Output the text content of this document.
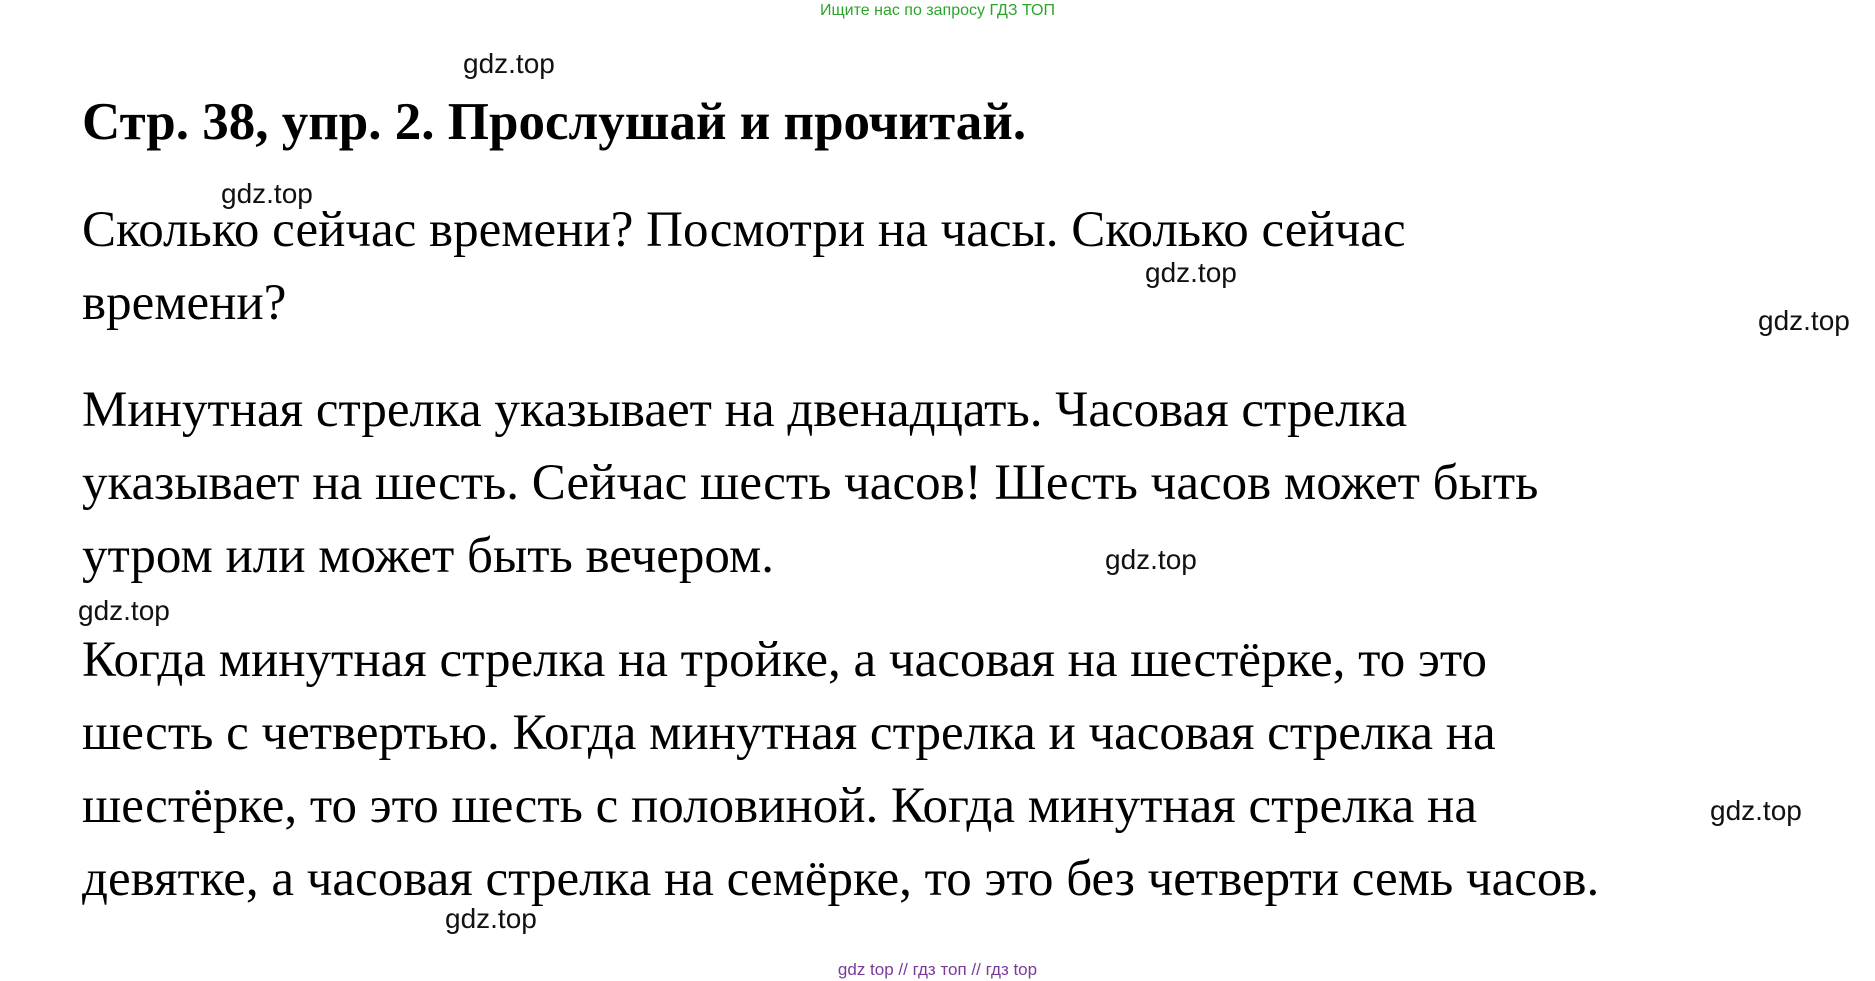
Ищите нас по запросу ГДЗ ТОП
gdz.top
Стр. 38, упр. 2. Прослушай и прочитай.
gdz.top
Сколько сейчас времени? Посмотри на часы. Сколько сейчас
времени?
gdz.top
gdz.top
Минутная стрелка указывает на двенадцать. Часовая стрелка
указывает на шесть. Сейчас шесть часов! Шесть часов может быть
утром или может быть вечером.	gdz.top
gdz.top
Когда минутная стрелка на тройке, а часовая на шестёрке, то это
шесть с четвертью. Когда минутная стрелка и часовая стрелка на
шестёрке, то это шесть с половиной. Когда минутная стрелка на
девятке, а часовая стрелка на семёрке, то это без четверти семь часов.
gdz.top
gdz.top
gdz top // гдз топ // гдз top
